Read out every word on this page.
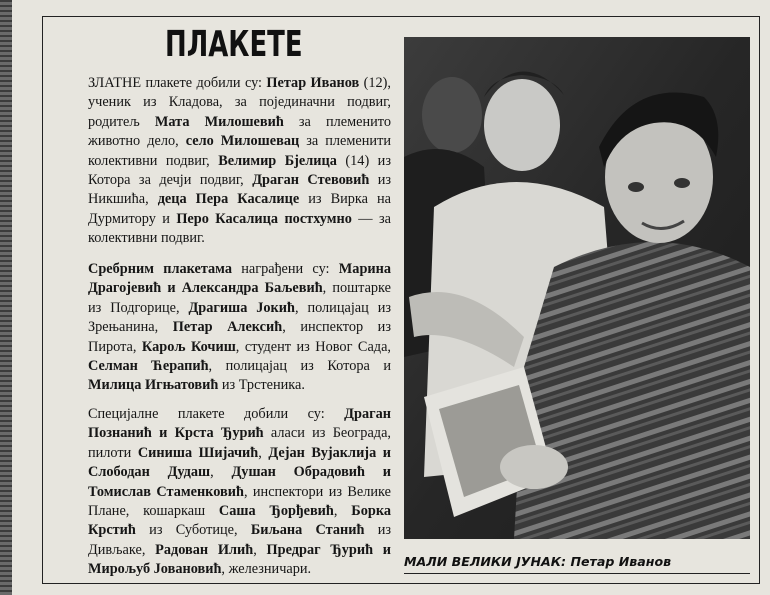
ПЛАКЕТЕ

ЗЛАТНЕ плакете добили су: Петар Иванов (12), ученик из Кладова, за појединачни подвиг, родитељ Мата Милошевић за племенито животно дело, село Милошевац за племенити колективни подвиг, Велимир Бјелица (14) из Котора за дечји подвиг, Драган Стевовић из Никшића, деца Пера Касалице из Вирка на Дурмитору и Перо Касалица постхумно — за колективни подвиг.

Сребрним плакетама награђени су: Марина Драгојевић и Александра Баљевић, поштарке из Подгорице, Драгиша Јокић, полицајац из Зрењанина, Петар Алексић, инспектор из Пирота, Карољ Кочиш, студент из Новог Сада, Селман Ћерапић, полицајац из Котора и Милица Игњатовић из Трстеника.

Специјалне плакете добили су: Драган Познанић и Крста Ђурић аласи из Београда, пилоти Синиша Шијачић, Дејан Вујаклија и Слободан Дудаш, Душан Обрадовић и Томислав Стаменковић, инспектори из Велике Плане, кошаркаш Саша Ђорђевић, Борка Крстић из Суботице, Биљана Станић из Дивљаке, Радован Илић, Предраг Ђурић и Мирољуб Јовановић, железничари.	МАЛИ ВЕЛИКИ ЈУНАК: Петар Иванов
